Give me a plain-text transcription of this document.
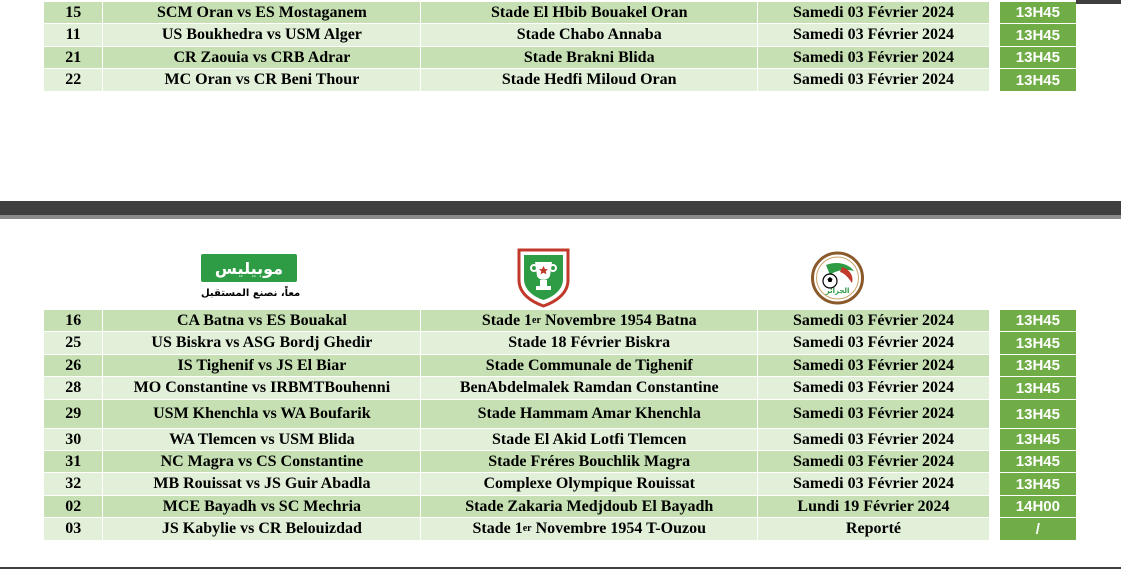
15	SCM Oran vs ES Mostaganem	Stade El Hbib Bouakel Oran	Samedi 03 Février 2024	13H45
11	US Boukhedra vs USM Alger	Stade Chabo Annaba	Samedi 03 Février 2024	13H45
21	CR Zaouia vs CRB Adrar	Stade Brakni Blida	Samedi 03 Février 2024	13H45
22	MC Oran vs CR Beni Thour	Stade Hedfi Miloud Oran	Samedi 03 Février 2024	13H45
موبيليس
معاً، نصنع المستقبل	الجزائر
16	CA Batna vs ES Bouakal	Stade 1 er Novembre 1954 Batna	Samedi 03 Février 2024	13H45
25	US Biskra vs ASG Bordj Ghedir	Stade 18 Février Biskra	Samedi 03 Février 2024	13H45
26	IS Tighenif vs JS El Biar	Stade Communale de Tighenif	Samedi 03 Février 2024	13H45
28	MO Constantine vs IRBMTBouhenni	BenAbdelmalek Ramdan Constantine	Samedi 03 Février 2024	13H45
29	USM Khenchla vs WA Boufarik	Stade Hammam Amar Khenchla	Samedi 03 Février 2024	13H45
30	WA Tlemcen vs USM Blida	Stade El Akid Lotfi Tlemcen	Samedi 03 Février 2024	13H45
31	NC Magra vs CS Constantine	Stade Fréres Bouchlik Magra	Samedi 03 Février 2024	13H45
32	MB Rouissat vs JS Guir Abadla	Complexe Olympique Rouissat	Samedi 03 Février 2024	13H45
02	MCE Bayadh vs SC Mechria	Stade Zakaria Medjdoub El Bayadh	Lundi 19 Février 2024	14H00
03	JS Kabylie vs CR Belouizdad	Stade 1 er Novembre 1954 T-Ouzou	Reporté	/
